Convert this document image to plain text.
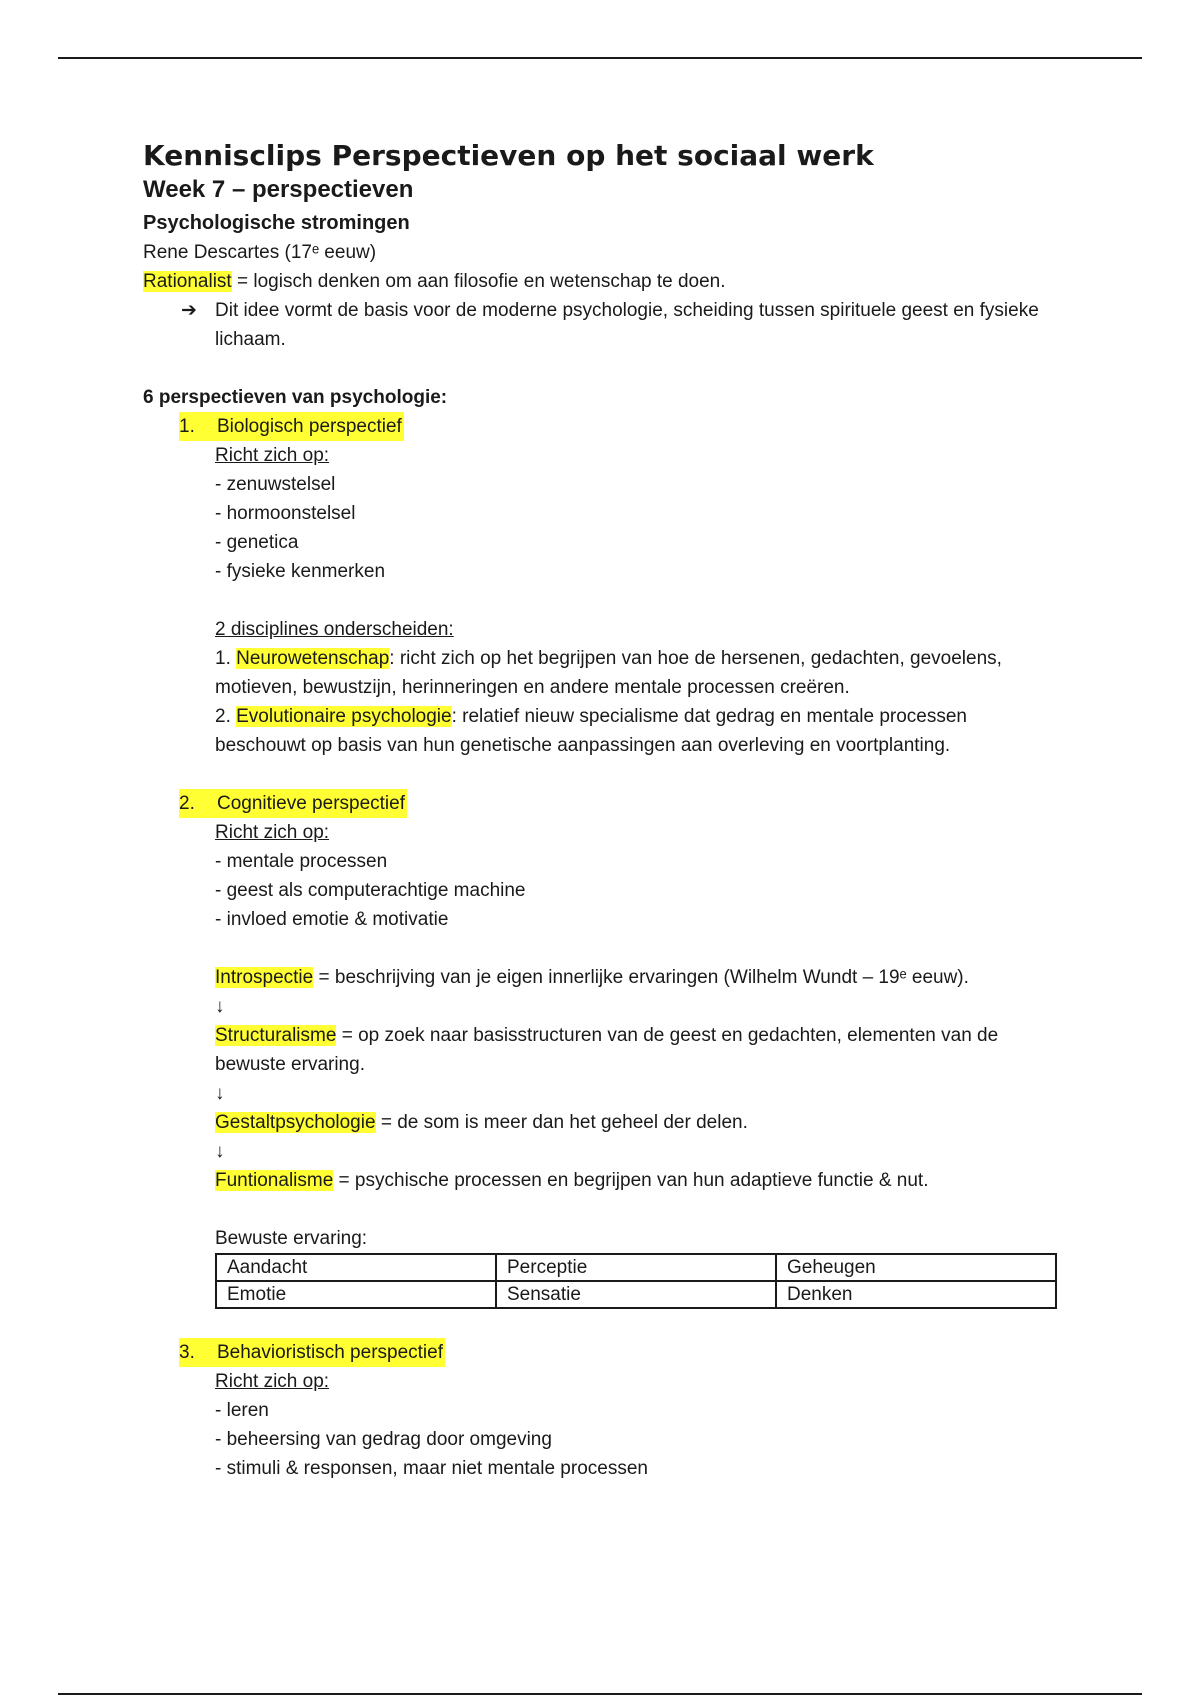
Kennisclips Perspectieven op het sociaal werk
Week 7 – perspectieven
Psychologische stromingen

Rene Descartes (17ᵉ eeuw)

Rationalist = logisch denken om aan filosofie en wetenschap te doen.

➔ Dit idee vormt de basis voor de moderne psychologie, scheiding tussen spirituele geest en fysieke lichaam.

6 perspectieven van psychologie:

1.	Biologisch perspectief

Richt zich op:

- zenuwstelsel

- hormoonstelsel

- genetica

- fysieke kenmerken

2 disciplines onderscheiden:

1. Neurowetenschap: richt zich op het begrijpen van hoe de hersenen, gedachten, gevoelens, motieven, bewustzijn, herinneringen en andere mentale processen creëren.

2. Evolutionaire psychologie: relatief nieuw specialisme dat gedrag en mentale processen beschouwt op basis van hun genetische aanpassingen aan overleving en voortplanting.

2.	Cognitieve perspectief

Richt zich op:

- mentale processen

- geest als computerachtige machine

- invloed emotie & motivatie

Introspectie = beschrijving van je eigen innerlijke ervaringen (Wilhelm Wundt – 19ᵉ eeuw).

↓

Structuralisme = op zoek naar basisstructuren van de geest en gedachten, elementen van de bewuste ervaring.

↓

Gestaltpsychologie = de som is meer dan het geheel der delen.

↓

Funtionalisme = psychische processen en begrijpen van hun adaptieve functie & nut.

Bewuste ervaring:

Aandacht	Perceptie	Geheugen
Emotie	Sensatie	Denken
3.	Behavioristisch perspectief

Richt zich op:

- leren

- beheersing van gedrag door omgeving

- stimuli & responsen, maar niet mentale processen
